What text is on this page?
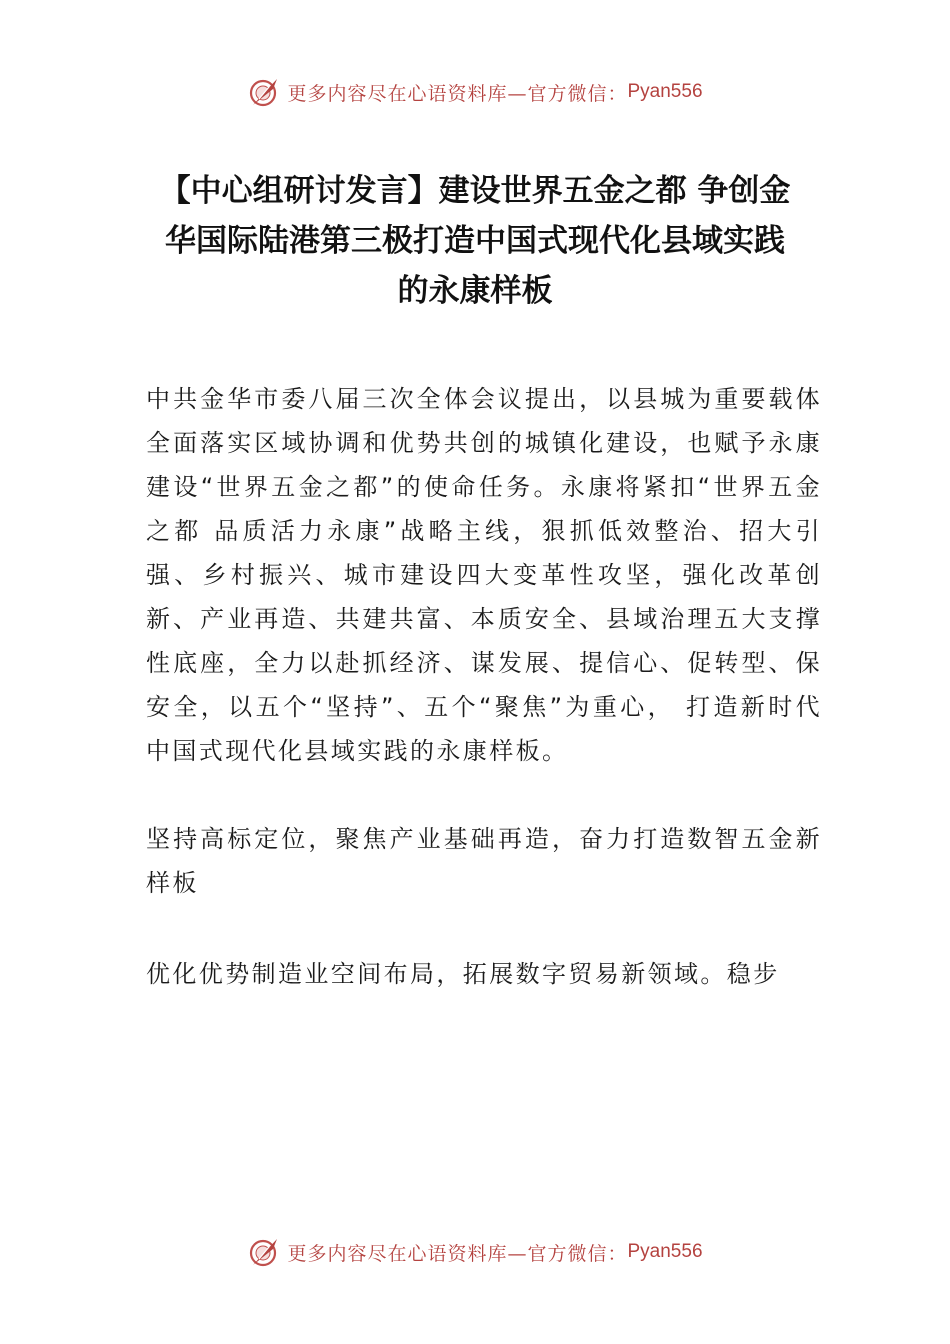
更多内容尽在心语资料库—官方微信： Pyan556
【中心组研讨发言】建设世界五金之都 争创金华国际陆港第三极打造中国式现代化县域实践的永康样板

中共金华市委八届三次全体会议提出，以县城为重要载体全面落实区域协调和优势共创的城镇化建设，也赋予永康建设“世界五金之都”的使命任务。永康将紧扣“世界五金之都 品质活力永康”战略主线，狠抓低效整治、招大引强、乡村振兴、城市建设四大变革性攻坚，强化改革创新、产业再造、共建共富、本质安全、县域治理五大支撑性底座，全力以赴抓经济、谋发展、提信心、促转型、保安全，以五个“坚持”、五个“聚焦”为重心， 打造新时代中国式现代化县域实践的永康样板。

坚持高标定位，聚焦产业基础再造，奋力打造数智五金新样板

优化优势制造业空间布局，拓展数字贸易新领域。稳步

更多内容尽在心语资料库—官方微信： Pyan556
